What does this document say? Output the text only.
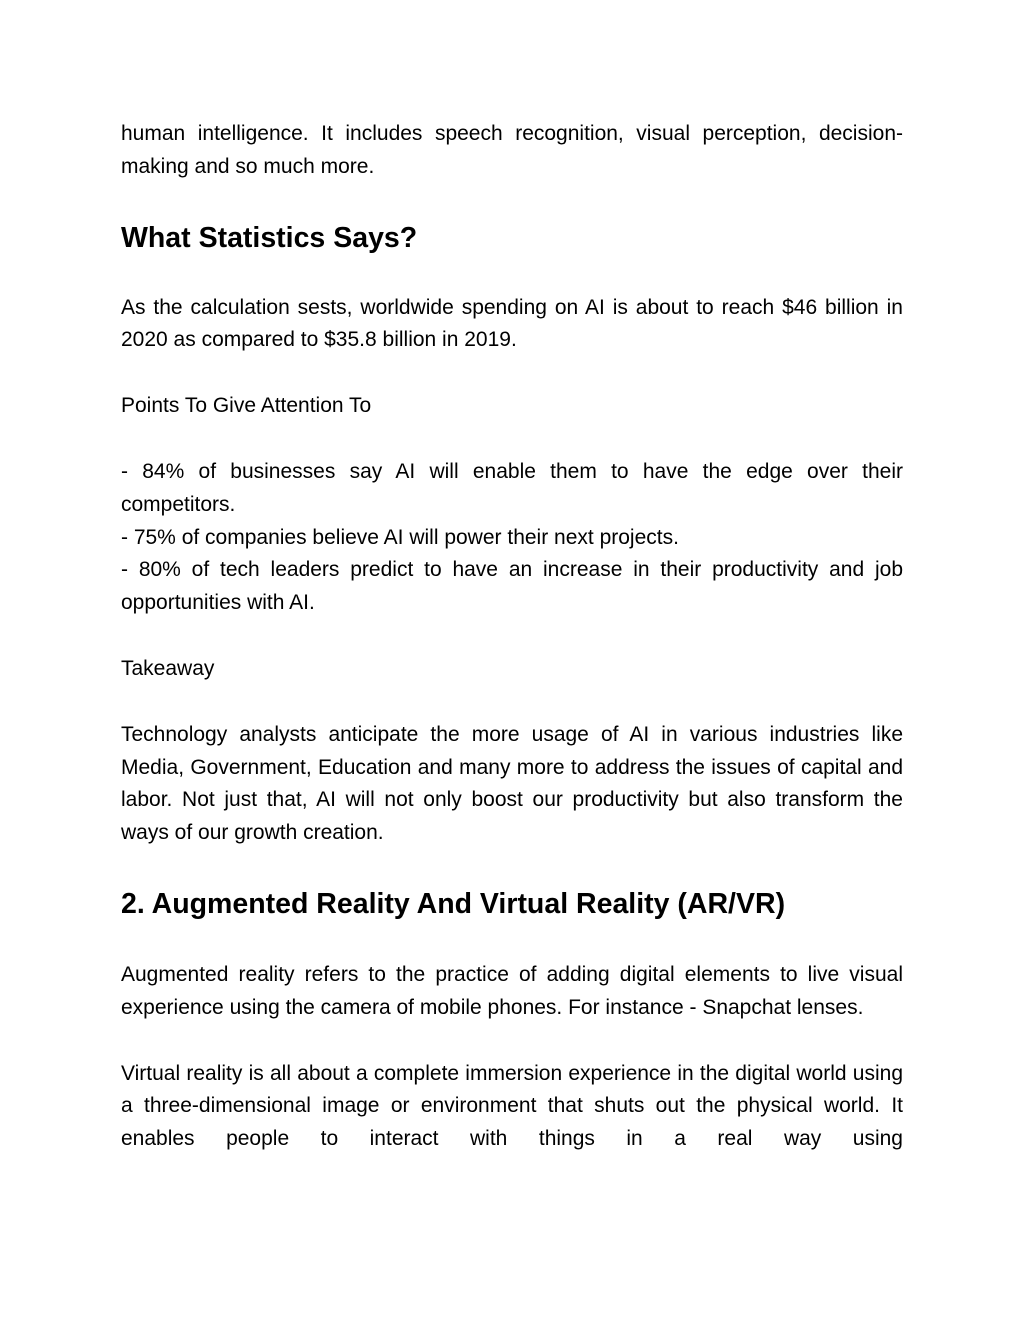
human intelligence. It includes speech recognition, visual perception, decision-making and so much more.

What Statistics Says?

As the calculation sests, worldwide spending on AI is about to reach $46 billion in 2020 as compared to $35.8 billion in 2019.

Points To Give Attention To

- 84% of businesses say AI will enable them to have the edge over their competitors.

- 75% of companies believe AI will power their next projects.

- 80% of tech leaders predict to have an increase in their productivity and job opportunities with AI.

Takeaway

Technology analysts anticipate the more usage of AI in various industries like Media, Government, Education and many more to address the issues of capital and labor. Not just that, AI will not only boost our productivity but also transform the ways of our growth creation.

2. Augmented Reality And Virtual Reality (AR/VR)

Augmented reality refers to the practice of adding digital elements to live visual experience using the camera of mobile phones. For instance - Snapchat lenses.

Virtual reality is all about a complete immersion experience in the digital world using a three-dimensional image or environment that shuts out the physical world. It enables people to interact with things in a real way using
